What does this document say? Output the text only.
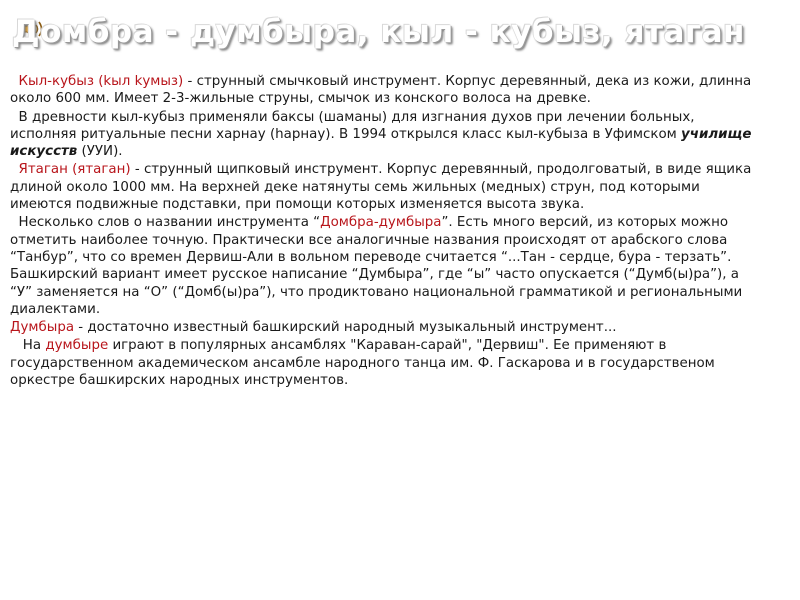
Домбра - думбыра, кыл - кубыз, ятаган

Кыл-кубыз (kыл kумыз) - струнный смычковый инструмент. Корпус деревянный, дека из кожи, длинна около 600 мм. Имеет 2-3-жильные струны, смычок из конского волоса на древке.

В древности кыл-кубыз применяли баксы (шаманы) для изгнания духов при лечении больных, исполняя ритуальные песни харнау (hарнау). В 1994 открылся класс кыл-кубыза в Уфимском училище искусств (УУИ).

Ятаган (ятаган) - струнный щипковый инструмент. Корпус деревянный, продолговатый, в виде ящика длиной около 1000 мм. На верхней деке натянуты семь жильных (медных) струн, под которыми имеются подвижные подставки, при помощи которых изменяется высота звука.

Несколько слов о названии инструмента “Домбра-думбыра”. Есть много версий, из которых можно отметить наиболее точную. Практически все аналогичные названия происходят от арабского слова “Танбур”, что со времен Дервиш-Али в вольном переводе считается “...Тан - сердце, бура - терзать”. Башкирский вариант имеет русское написание “Думбыра”, где “ы” часто опускается (“Думб(ы)ра”), а “У” заменяется на “О” (“Домб(ы)ра”), что продиктовано национальной грамматикой и региональными диалектами.

Думбыра - достаточно известный башкирский народный музыкальный инструмент...

На думбыре играют в популярных ансамблях "Караван-сарай", "Дервиш". Ее применяют в государственном академическом ансамбле народного танца им. Ф. Гаскарова и в государственом оркестре башкирских народных инструментов.
